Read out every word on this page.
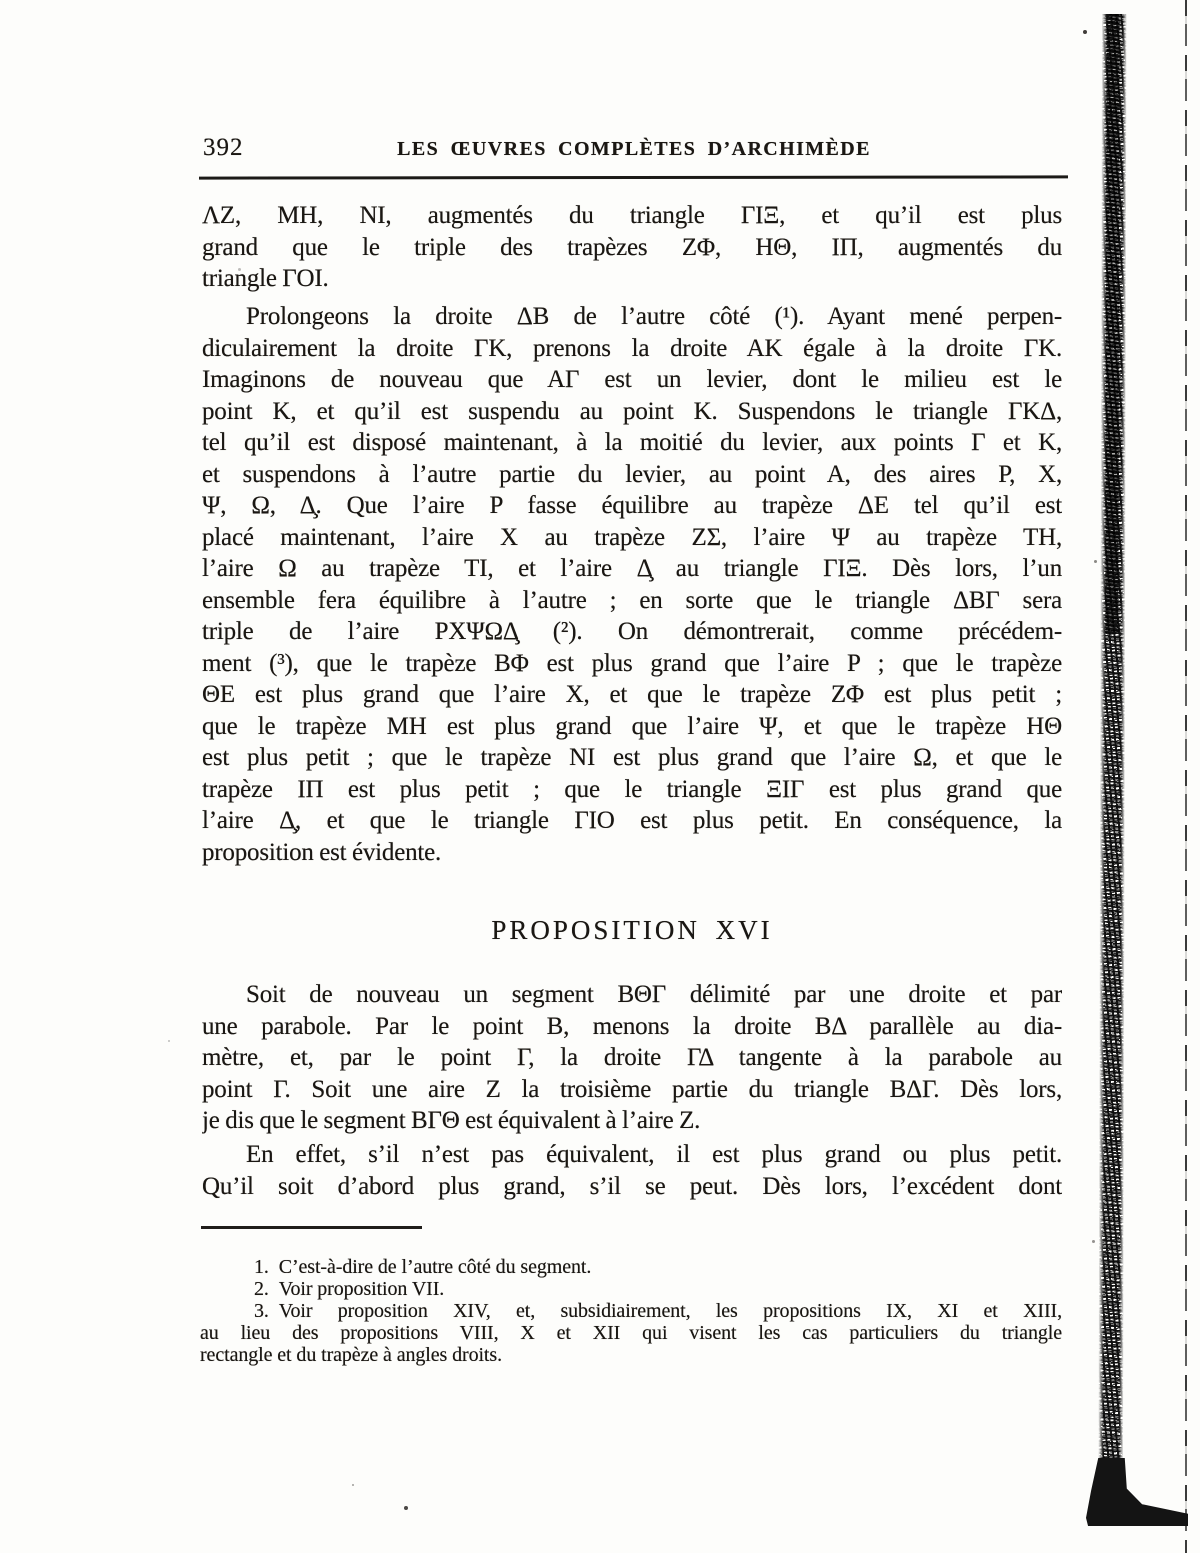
392	LES ŒUVRES COMPLÈTES D’ARCHIMÈDE
ΛZ, MH, NI, augmentés du triangle ΓΙΞ, et qu’il est plus
grand que le triple des trapèzes ZΦ, HΘ, ΙΠ, augmentés du
triangle ΓOI.
Prolongeons la droite ΔB de l’autre côté (¹). Ayant mené perpen-
diculairement la droite ΓK, prenons la droite AK égale à la droite ΓK.
Imaginons de nouveau que AΓ est un levier, dont le milieu est le
point K, et qu’il est suspendu au point K. Suspendons le triangle ΓKΔ,
tel qu’il est disposé maintenant, à la moitié du levier, aux points Γ et K,
et suspendons à l’autre partie du levier, au point A, des aires P, X,
Ψ, Ω, Δ̧. Que l’aire P fasse équilibre au trapèze ΔE tel qu’il est
placé maintenant, l’aire X au trapèze ZΣ, l’aire Ψ au trapèze TH,
l’aire Ω au trapèze TI, et l’aire Δ̧ au triangle ΓΙΞ. Dès lors, l’un
ensemble fera équilibre à l’autre ; en sorte que le triangle ΔBΓ sera
triple de l’aire PXΨΩΔ̧ (²). On démontrerait, comme précédem-
ment (³), que le trapèze BΦ est plus grand que l’aire P ; que le trapèze
ΘE est plus grand que l’aire X, et que le trapèze ZΦ est plus petit ;
que le trapèze MH est plus grand que l’aire Ψ, et que le trapèze HΘ
est plus petit ; que le trapèze NI est plus grand que l’aire Ω, et que le
trapèze ΙΠ est plus petit ; que le triangle ΞΙΓ est plus grand que
l’aire Δ̧, et que le triangle ΓΙΟ est plus petit. En conséquence, la
proposition est évidente.
PROPOSITION XVI
Soit de nouveau un segment BΘΓ délimité par une droite et par
une parabole. Par le point B, menons la droite BΔ parallèle au dia-
mètre, et, par le point Γ, la droite ΓΔ tangente à la parabole au
point Γ. Soit une aire Z la troisième partie du triangle BΔΓ. Dès lors,
je dis que le segment BΓΘ est équivalent à l’aire Z.
En effet, s’il n’est pas équivalent, il est plus grand ou plus petit.
Qu’il soit d’abord plus grand, s’il se peut. Dès lors, l’excédent dont
1. C’est-à-dire de l’autre côté du segment.
2. Voir proposition VII.
3. Voir proposition XIV, et, subsidiairement, les propositions IX, XI et XIII,
au lieu des propositions VIII, X et XII qui visent les cas particuliers du triangle
rectangle et du trapèze à angles droits.
